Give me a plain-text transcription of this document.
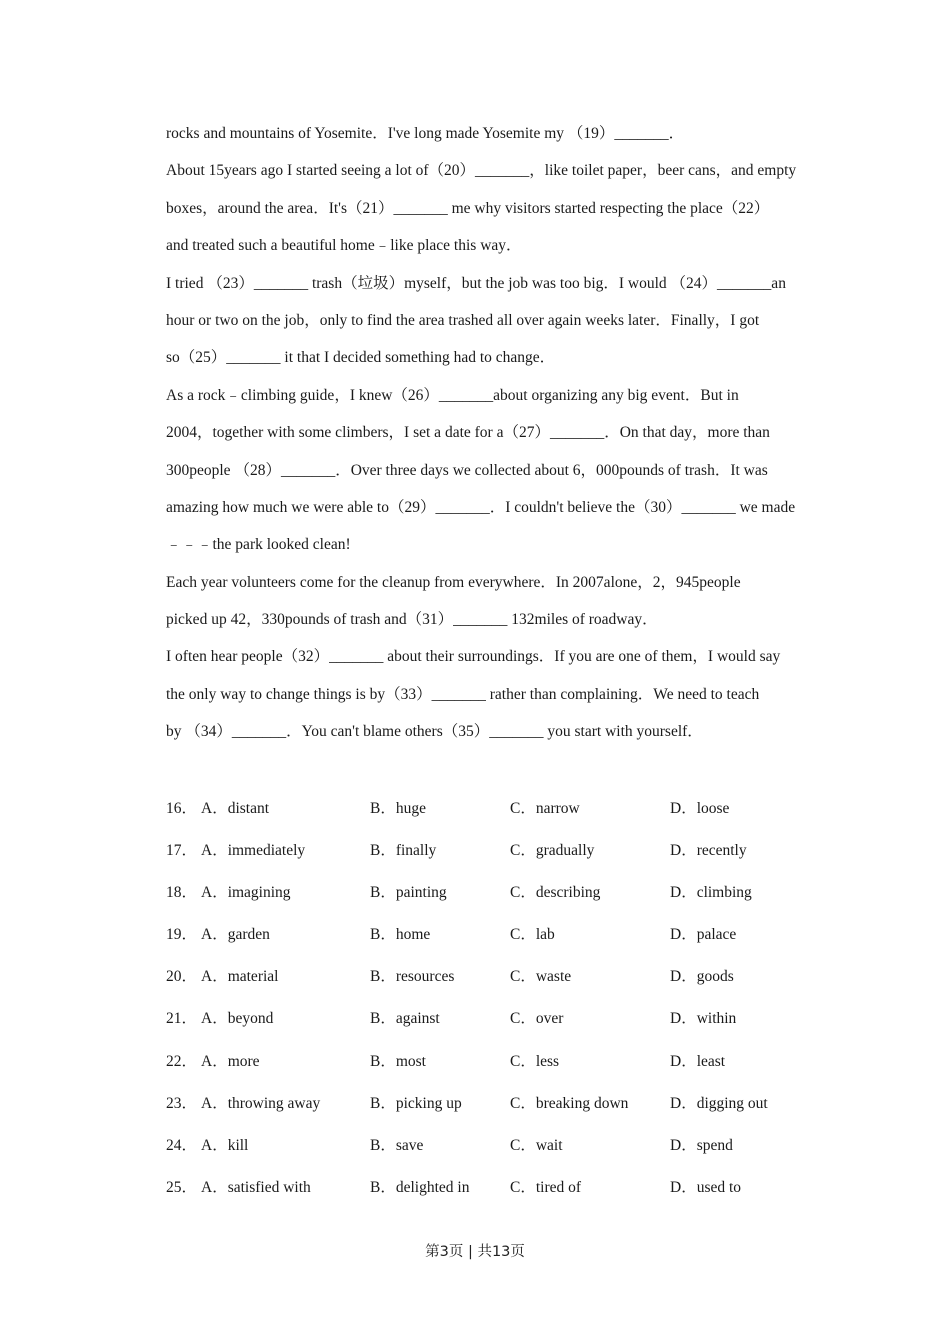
rocks and mountains of Yosemite．I've long made Yosemite my （19）_______．
About 15years ago I started seeing a lot of（20）_______，like toilet paper，beer cans，and empty
boxes，around the area．It's（21）_______ me why visitors started respecting the place（22）
and treated such a beautiful home﹣like place this way．
I tried （23）_______ trash（垃圾）myself，but the job was too big．I would （24）_______an
hour or two on the job，only to find the area trashed all over again weeks later．Finally，I got
so（25）_______ it that I decided something had to change．
As a rock﹣climbing guide，I knew（26）_______about organizing any big event．But in
2004，together with some climbers，I set a date for a（27）_______．On that day，more than
300people （28）_______．Over three days we collected about 6，000pounds of trash．It was
amazing how much we were able to（29）_______．I couldn't believe the（30）_______ we made
﹣﹣﹣the park looked clean!
Each year volunteers come for the cleanup from everywhere．In 2007alone，2，945people
picked up 42，330pounds of trash and（31）_______ 132miles of roadway．
I often hear people（32）_______ about their surroundings．If you are one of them，I would say
the only way to change things is by（33）_______ rather than complaining．We need to teach
by （34）_______．You can't blame others（35）_______ you start with yourself．
16． A．distant	B．huge	C．narrow	D．loose
17． A．immediately	B．finally	C．gradually	D．recently
18． A．imagining	B．painting	C．describing	D．climbing
19． A．garden	B．home	C．lab	D．palace
20． A．material	B．resources	C．waste	D．goods
21． A．beyond	B．against	C．over	D．within
22． A．more	B．most	C．less	D．least
23． A．throwing away	B．picking up	C．breaking down	D．digging out
24． A．kill	B．save	C．wait	D．spend
25． A．satisfied with	B．delighted in	C．tired of	D．used to
第3页 | 共13页
